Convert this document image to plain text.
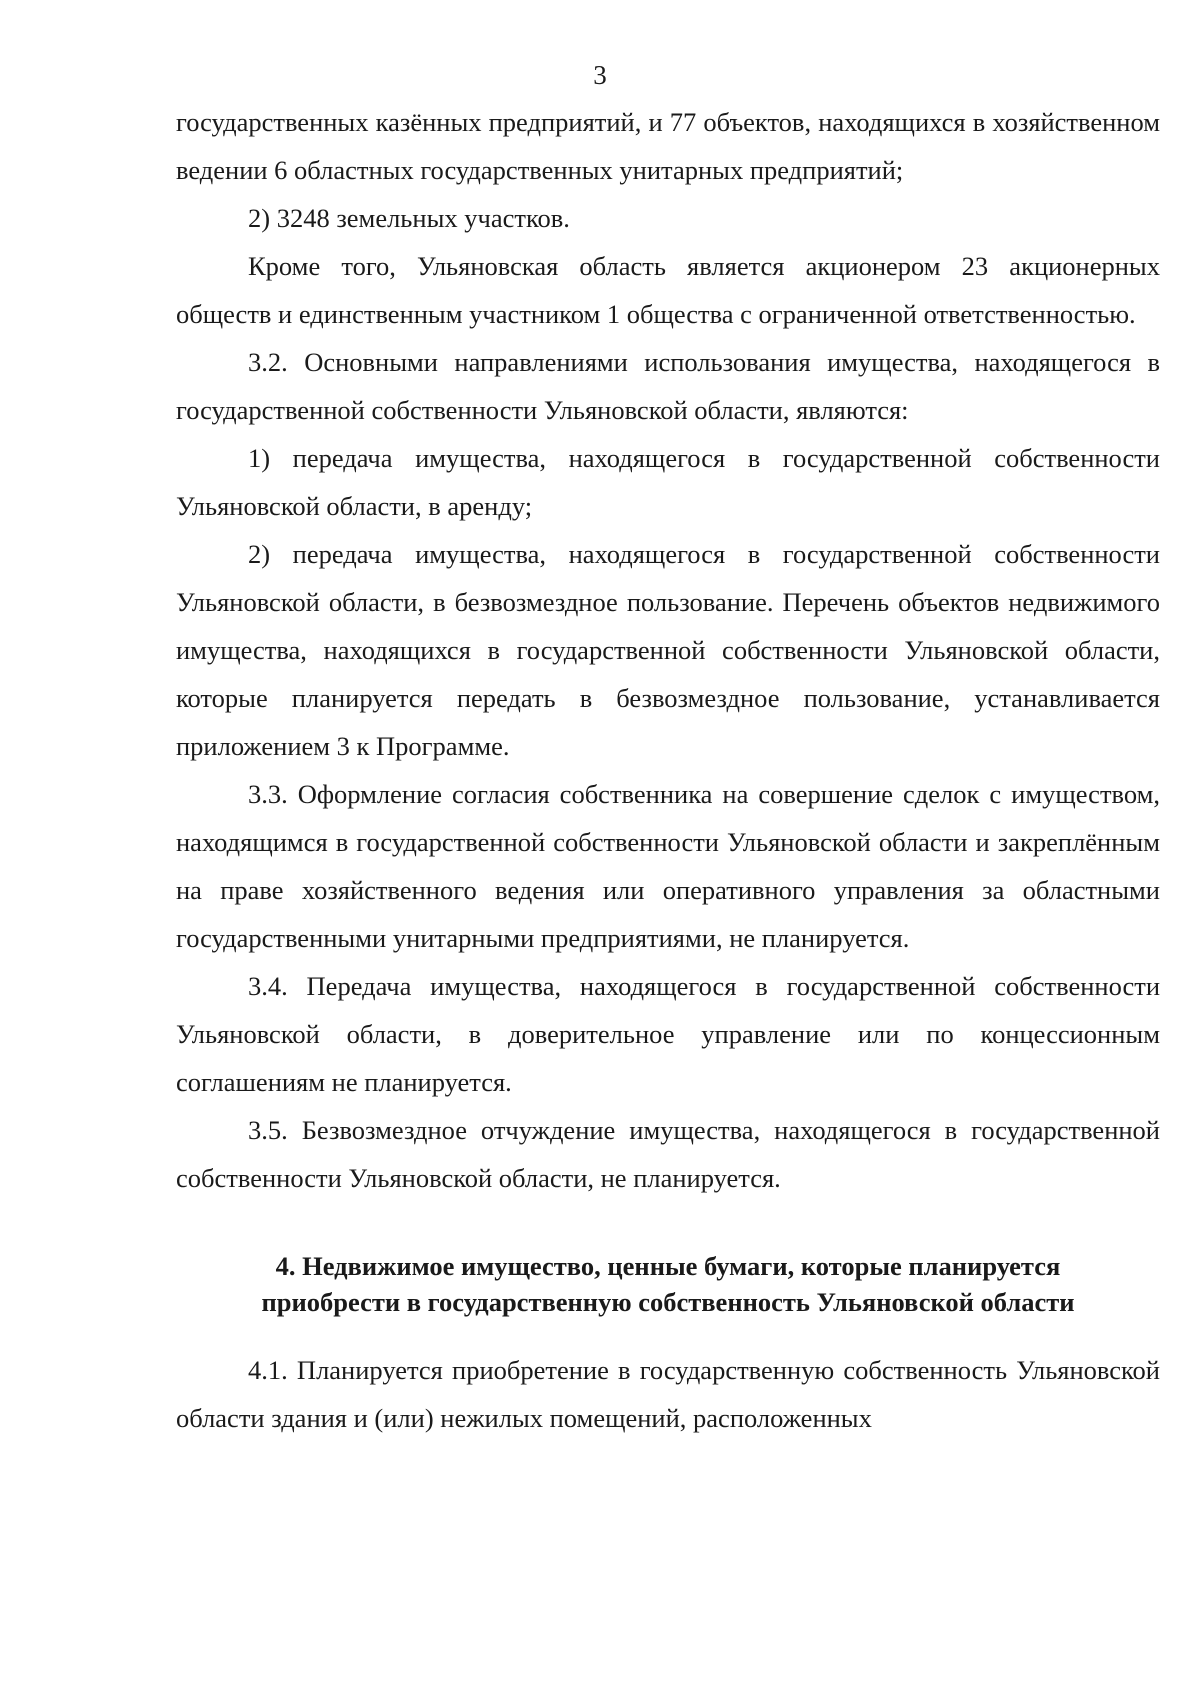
3

государственных казённых предприятий, и 77 объектов, находящихся в хозяйственном ведении 6 областных государственных унитарных предприятий;

2) 3248 земельных участков.

Кроме того, Ульяновская область является акционером 23 акционерных обществ и единственным участником 1 общества с ограниченной ответственностью.

3.2. Основными направлениями использования имущества, находящегося в государственной собственности Ульяновской области, являются:

1) передача имущества, находящегося в государственной собственности Ульяновской области, в аренду;

2) передача имущества, находящегося в государственной собственности Ульяновской области, в безвозмездное пользование. Перечень объектов недвижимого имущества, находящихся в государственной собственности Ульяновской области, которые планируется передать в безвозмездное пользование, устанавливается приложением 3 к Программе.

3.3. Оформление согласия собственника на совершение сделок с имуществом, находящимся в государственной собственности Ульяновской области и закреплённым на праве хозяйственного ведения или оперативного управления за областными государственными унитарными предприятиями, не планируется.

3.4. Передача имущества, находящегося в государственной собственности Ульяновской области, в доверительное управление или по концессионным соглашениям не планируется.

3.5. Безвозмездное отчуждение имущества, находящегося в государственной собственности Ульяновской области, не планируется.

4. Недвижимое имущество, ценные бумаги, которые планируется
приобрести в государственную собственность Ульяновской области

4.1. Планируется приобретение в государственную собственность Ульяновской области здания и (или) нежилых помещений, расположенных
